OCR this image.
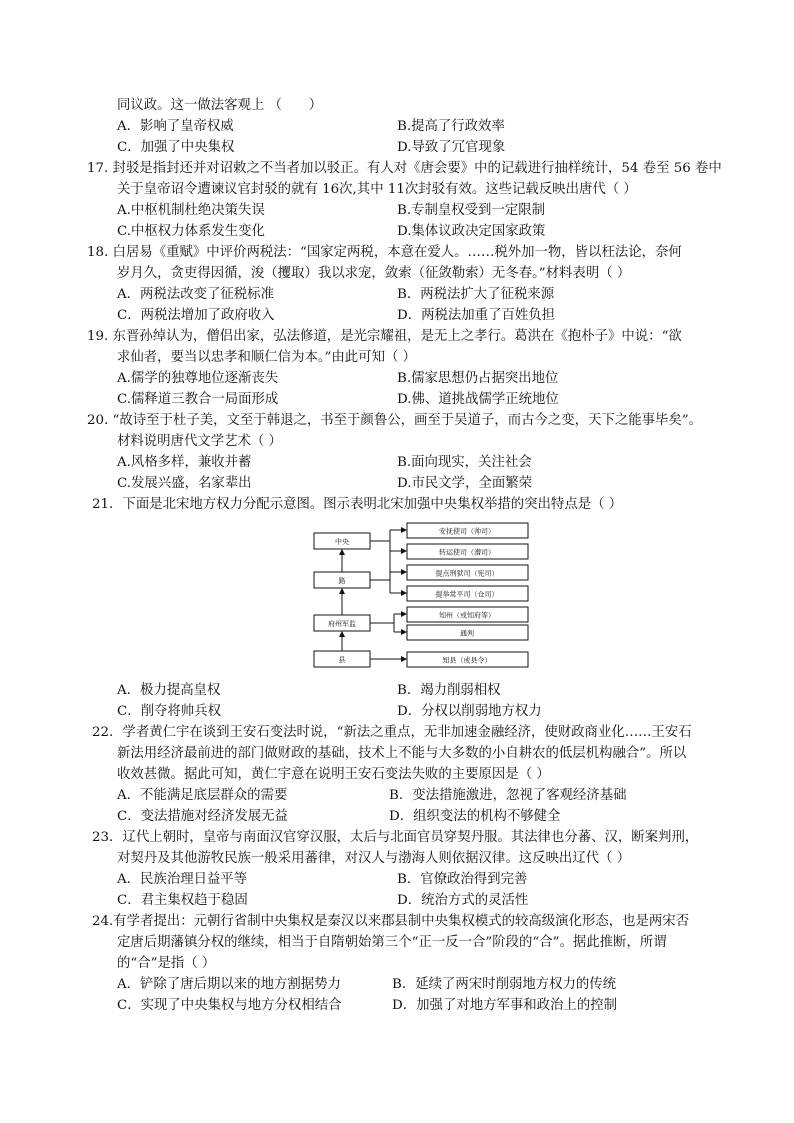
同议政。这一做法客观上 （　　）
A．影响了皇帝权威	B.提高了行政效率
C．加强了中央集权	D.导致了冗官现象
17. 封驳是指封还并对诏敕之不当者加以驳正。有人对《唐会要》中的记载进行抽样统计，54 卷至 56 卷中
关于皇帝诏令遭谏议官封驳的就有 16次,其中 11次封驳有效。这些记载反映出唐代（ ）
A.中枢机制杜绝决策失误	B.专制皇权受到一定限制
C.中枢权力体系发生变化	D.集体议政决定国家政策
18. 白居易《重赋》中评价两税法：“国家定两税，本意在爱人。……税外加一物，皆以枉法论，奈何
岁月久，贪吏得因循，浚（攫取）我以求宠，敛索（征敛勒索）无冬春。”材料表明（ ）
A．两税法改变了征税标准	B．两税法扩大了征税来源
C．两税法增加了政府收入	D．两税法加重了百姓负担
19. 东晋孙绰认为，僧侣出家，弘法修道，是光宗耀祖，是无上之孝行。葛洪在《抱朴子》中说：“欲
求仙者，要当以忠孝和顺仁信为本。”由此可知（ ）
A.儒学的独尊地位逐渐丧失	B.儒家思想仍占据突出地位
C.儒释道三教合一局面形成	D.佛、道挑战儒学正统地位
20. “故诗至于杜子美，文至于韩退之，书至于颜鲁公，画至于吴道子，而古今之变，天下之能事毕矣”。
材料说明唐代文学艺术（ ）
A.风格多样，兼收并蓄	B.面向现实，关注社会
C.发展兴盛，名家辈出	D.市民文学，全面繁荣
21．下面是北宋地方权力分配示意图。图示表明北宋加强中央集权举措的突出特点是（ ）
中央
路
府州军监
县
安抚使司（帅司）
转运使司（漕司）
提点刑狱司（宪司）
提举常平司（仓司）
知州（或知府等）
通判
知县（或县令）
A．极力提高皇权	B．竭力削弱相权
C．削夺将帅兵权	D．分权以削弱地方权力
22．学者黄仁宇在谈到王安石变法时说，“新法之重点，无非加速金融经济，使财政商业化……王安石
新法用经济最前进的部门做财政的基础，技术上不能与大多数的小自耕农的低层机构融合”。所以
收效甚微。据此可知，黄仁宇意在说明王安石变法失败的主要原因是（ ）
A．不能满足底层群众的需要	B．变法措施激进，忽视了客观经济基础
C．变法措施对经济发展无益	D．组织变法的机构不够健全
23．辽代上朝时，皇帝与南面汉官穿汉服，太后与北面官员穿契丹服。其法律也分蕃、汉，断案判刑，
对契丹及其他游牧民族一般采用蕃律，对汉人与渤海人则依据汉律。这反映出辽代（ ）
A．民族治理日益平等	B．官僚政治得到完善
C．君主集权趋于稳固	D．统治方式的灵活性
24.有学者提出：元朝行省制中央集权是秦汉以来郡县制中央集权模式的较高级演化形态，也是两宋否
定唐后期藩镇分权的继续，相当于自隋朝始第三个“正一反一合”阶段的“合”。据此推断，所谓
的“合”是指（ ）
A．铲除了唐后期以来的地方割据势力	B．延续了两宋时削弱地方权力的传统
C．实现了中央集权与地方分权相结合	D．加强了对地方军事和政治上的控制
